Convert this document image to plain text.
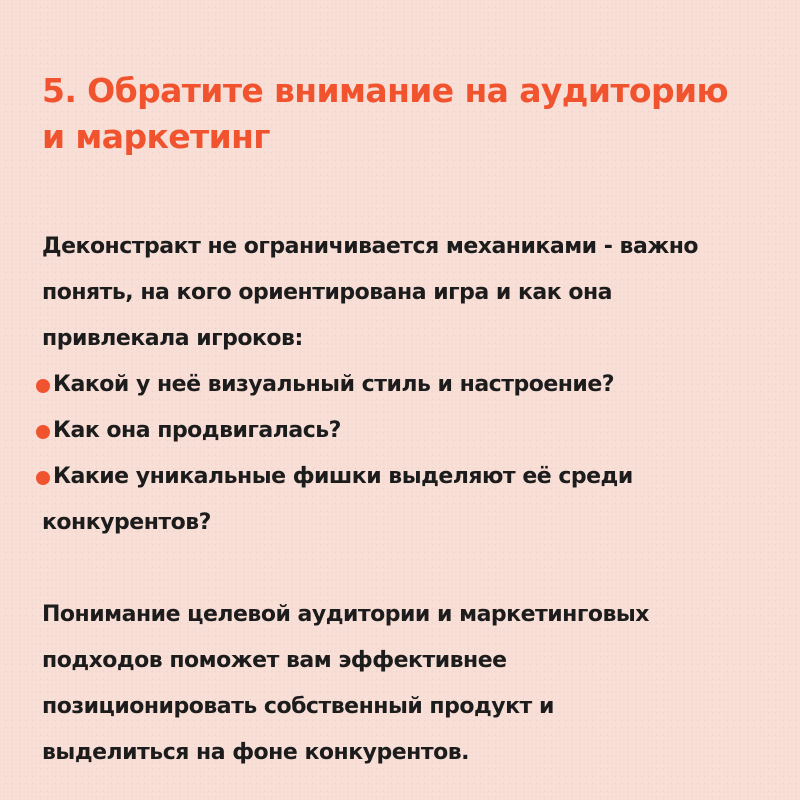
5. Обратите внимание на аудиторию
и маркетинг
Деконстракт не ограничивается механиками - важно
понять, на кого ориентирована игра и как она
привлекала игроков:
Какой у неё визуальный стиль и настроение?
Как она продвигалась?
Какие уникальные фишки выделяют её среди
конкурентов?
Понимание целевой аудитории и маркетинговых
подходов поможет вам эффективнее
позиционировать собственный продукт и
выделиться на фоне конкурентов.
